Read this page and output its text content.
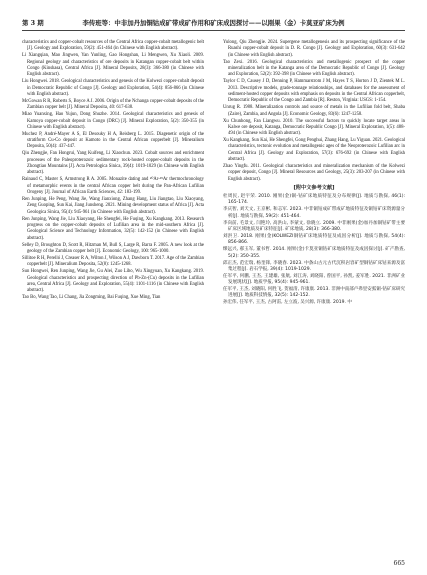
第 3 期	李传班等：中非加丹加铜钴成矿带成矿作用和矿床成因探讨——以刚果（金）卡莫亚矿床为例

characteristics and copper-cobalt resources of the Central Africa copper-cobalt metallogenic belt [J]. Geology and Exploration, 59(2): 451-464 (in Chinese with English abstract).

Li Xiangqian, Mao Jingwen, Yan Yunling, Gao Hongshan, Li Mengwen, Xu Xiaoli. 2009. Regional geology and characteristics of ore deposits in Katangan copper-cobalt belt within Congo (Kinshasa), Central Africa [J]. Mineral Deposits, 28(3): 366-380 (in Chinese with English abstract).

Liu Hongwei. 2018. Geological characteristics and genesis of the Kolwezi copper-cobalt deposit in Democratic Republic of Congo [J]. Geology and Exploration, 54(4): 856-866 (in Chinese with English abstract).

McGowan R R, Roberts S, Boyce A J. 2006. Origin of the Nchanga copper-cobalt deposits of the Zambian copper belt [J]. Mineral Deposita, 40: 617-638.

Miao Yuanxing, Hao Yujun, Dong Shuzhe. 2014. Geological characteristics and genesis of Kamoya copper-cobalt deposit in Congo (DRC) [J]. Mineral Exploration, 5(2): 350-355 (in Chinese with English abstract).

Muchez P, André-Mayer A S, El Desouky H A, Reisberg L. 2015. Diagenetic origin of the stratiform Cu-Co deposit at Kamoto in the Central African copperbelt [J]. Mineralium Deposita, 50(4): 437-447.

Qiu Zhengjie, Fan Hongrui, Yang Kuifeng, Li Xiaochun. 2023. Cobalt sources and enrichment processes of the Paleoproterozoic sedimentary rock-hosted copper-cobalt deposits in the Zhongtiao Mountains [J]. Acta Petrologica Sinica, 39(4): 1019-1029 (in Chinese with English abstract).

Rainaud C, Master S, Armstrong R A. 2005. Monazite dating and ⁴⁰Ar-³⁹Ar thermochronology of metamorphic events in the central African copper belt during the Pan-African Lufilian Orogeny [J]. Journal of African Earth Sciences, 42: 183-199.

Ren Junping, He Peng, Wang Jie, Wang Jianxiong, Zhang Hang, Liu Jiangtao, Liu Xiaoyang, Zeng Guoping, Sun Kai, Jiang Junsheng. 2021. Mining development status of Africa [J]. Acta Geologica Sinica, 95(4): 945-961 (in Chinese with English abstract).

Ren Junping, Wang Jie, Liu Xiaoyang, He Shengfei, He Fuqing, Xu Kangkang. 2013. Research progress on the copper-cobalt deposits of Lufilian area in the mid-southern Africa [J]. Geological Science and Technology Information, 32(5): 142-152 (in Chinese with English abstract).

Selley D, Broughton D, Scott R, Hitzman M, Bull S, Large R, Barra F. 2005. A new look at the geology of the Zambian copper belt [J]. Economic Geology, 100: 965-1000.

Sillitoe R H, Perelló J, Creaser R A, Wilton J, Wilson A J, Dawborn T. 2017. Age of the Zambian copperbelt [J]. Mineralium Deposita, 52(8): 1245-1268.

Sun Hongwei, Ren Junping, Wang Jie, Gu Alei, Zuo Libo, Wu Xingyuan, Xu Kangkang. 2019. Geological characteristics and prospecting direction of Pb-Zn-(Cu) deposits in the Lufilian area, Central Africa [J]. Geology and Exploration, 55(4): 1101-1116 (in Chinese with English abstract).

Tao Bo, Wang Tao, Li Chang, Jia Zongming, Bai Fuqing, Xue Ming, Tian

Yulong, Qiu Zhengjie. 2024. Supergene metallogenesis and its prospecting significance of the Ruashi copper-cobalt deposit in D. R. Congo [J]. Geology and Exploration, 60(3): 631-642 (in Chinese with English abstract).

Tao Zexi. 2016. Geological characteristics and metallogenic prospect of the copper mineralization belt in the Katanga area of the Democratic Republic of Congo [J]. Geology and Exploration, 52(2): 392-398 (in Chinese with English abstract).

Taylor C D, Causey J D, Denning P, Hammarstrom J M, Hayes T S, Horton J D, Zientek M L. 2013. Descriptive models, grade-tonnage relationships, and databases for the assessment of sediment-hosted copper deposits with emphasis on deposits in the Central African copperbelt, Democratic Republic of the Congo and Zambia [R]. Reston, Virginia: USGS: 1-154.

Unrug R. 1988. Mineralization controls and source of metals in the Lufilian fold belt, Shaba (Zaire), Zambia, and Angola [J]. Economic Geology, 83(6): 1247-1258.

Xu Chunhong, Fan Liangwu. 2010. The successful factors to quickly locate target areas in Kalwe ore deposit, Katanga, Democratic Republic Congo [J]. Mineral Exploration, 1(5): 488-494 (in Chinese with English abstract).

Xu Kangkang, Sun Kai, He Shengfei, Gong Penghui, Zhang Hang, Lu Yiguan. 2021. Geological characteristics, tectonic evolution and metallogenic ages of the Neoproterozoic Lufilian arc in Central Africa [J]. Geology and Exploration, 57(3): 676-692 (in Chinese with English abstract).

Zhao Yingfu. 2011. Geological characteristics and mineralization mechanism of the Kolwezi copper deposit, Congo [J]. Mineral Resources and Geology, 25(3): 203-207 (in Chinese with English abstract).

[附中文参考文献]

杜周民, 赵宇荣. 2010. 刚果(金)铜-钴矿床地质特征及分布规律[J]. 地质与勘探, 46(1): 165-174.

李庆智, 刘天文, 王京彬, 和志军. 2023. 中非铜钴成矿带成矿地质特征及铜钴矿床资源量分析[J]. 地质与勘探, 59(2): 451-464.

李向前, 毛景文, 闫艳玲, 高洪山, 李蒙文, 徐晓立. 2009. 中非刚果(金)加丹加铜钴矿带主要矿床区域地质及矿床特征[J]. 矿床地质, 28(3): 366-380.

刘洪卫. 2018. 刚果(金)KOLWEZI铜钴矿床地质特征及成因分析[J]. 地质与勘探, 54(4): 856-866.

缪远兴, 郝玉军, 董书哲. 2014. 刚果(金)卡莫亚铜钴矿床地质特征及成因探讨[J]. 矿产勘查, 5(2): 350-355.

邱正杰, 范宏瑞, 杨奎锋, 李晓春. 2023. 中条山古元古代沉积岩容矿型铜钴矿床钴来源及富集过程[J]. 岩石学报, 39(4): 1019-1029.

任军平, 何鹏, 王杰, 王建雄, 张航, 刘江涛, 刘晓阳, 曾国平, 孙凯, 姜军胜. 2021. 非洲矿业发展现状[J]. 地质学报, 95(4): 945-961.

任军平, 王杰, 刘晓阳, 何胜飞, 贺福清, 许康康. 2013. 非洲中南部卢弗里安弧铜-钴矿床研究进展[J]. 地质科技情报, 32(5): 142-152.

孙宏伟, 任军平, 王杰, 古阿雷, 左立波, 吴兴源, 许康康. 2019. 中

665
